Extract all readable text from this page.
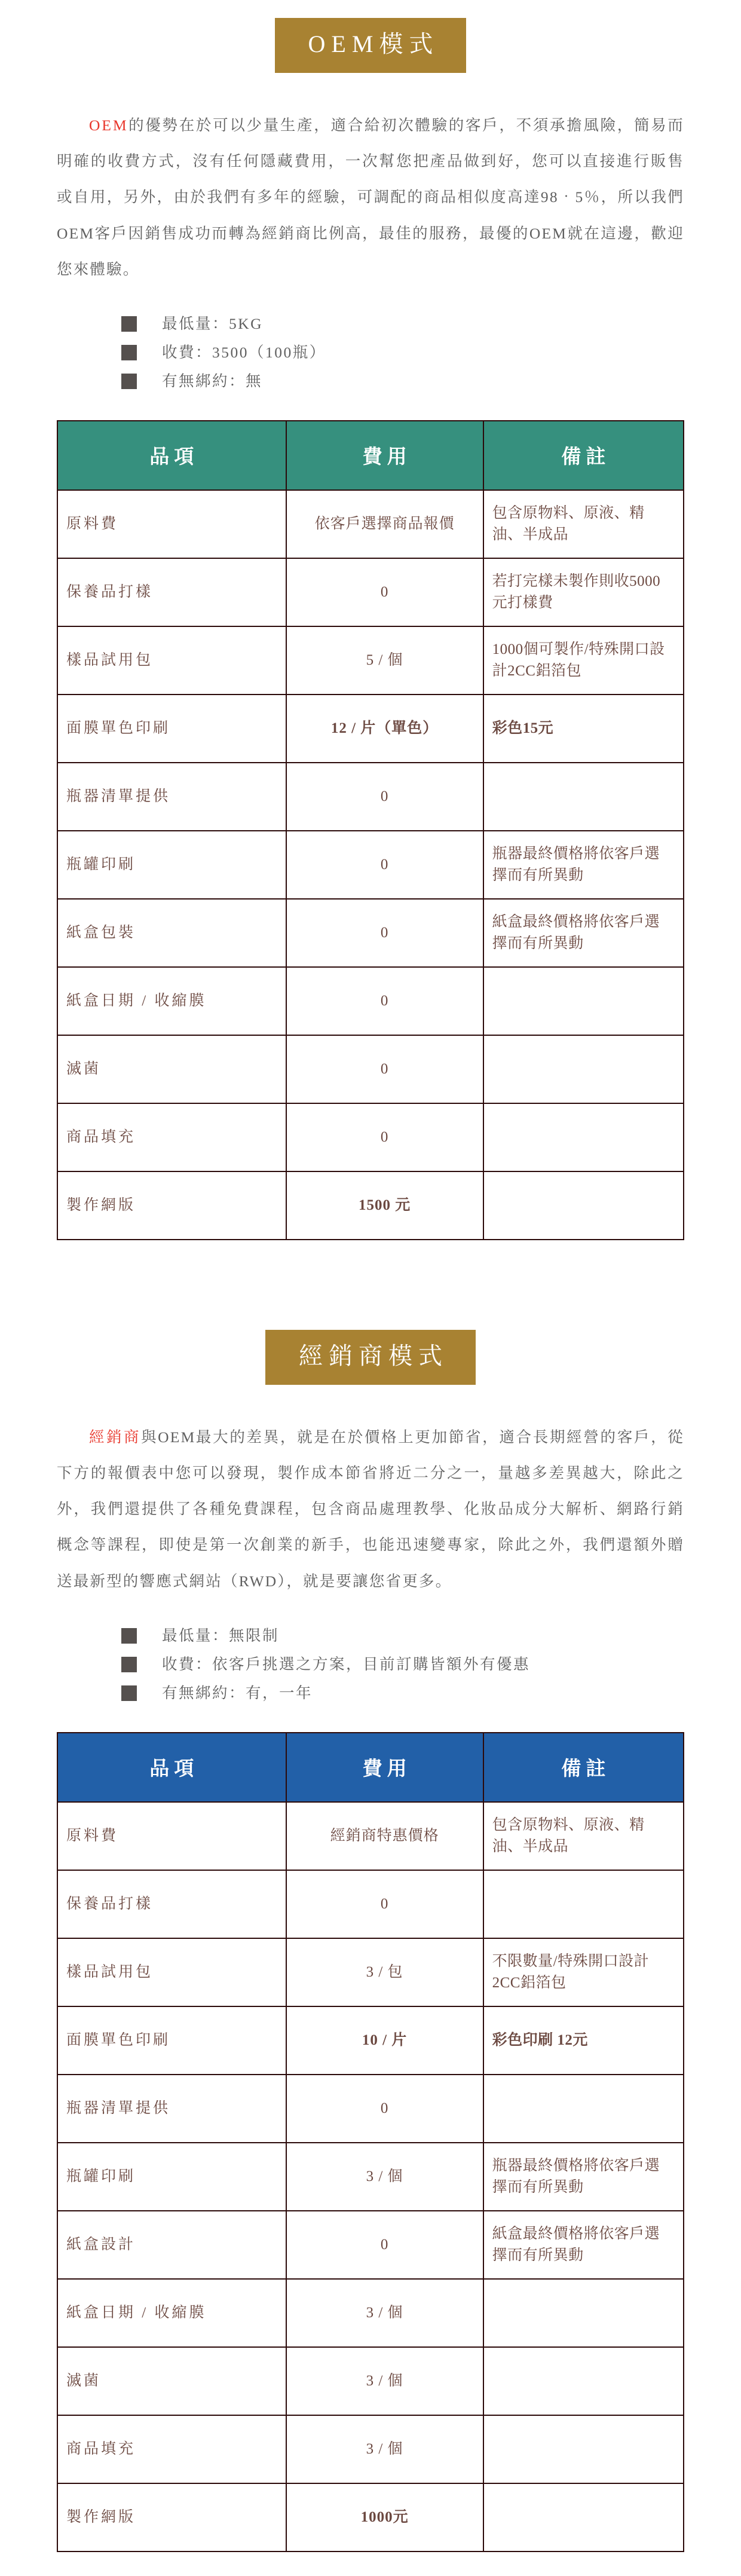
OEM模式

OEM的優勢在於可以少量生產，適合給初次體驗的客戶，不須承擔風險，簡易而明確的收費方式，沒有任何隱藏費用，一次幫您把產品做到好，您可以直接進行販售或自用，另外，由於我們有多年的經驗，可調配的商品相似度高達98‧5％，所以我們OEM客戶因銷售成功而轉為經銷商比例高，最佳的服務，最優的OEM就在這邊，歡迎您來體驗。

最低量：5KG
收費：3500（100瓶）
有無綁約：無
品項	費用	備註
原料費	依客戶選擇商品報價	包含原物料、原液、精油、半成品
保養品打樣	0	若打完樣未製作則收5000元打樣費
樣品試用包	5 / 個	1000個可製作/特殊開口設計2CC鋁箔包
面膜單色印刷	12 / 片（單色）	彩色15元
瓶器清單提供	0	
瓶罐印刷	0	瓶器最終價格將依客戶選擇而有所異動
紙盒包裝	0	紙盒最終價格將依客戶選擇而有所異動
紙盒日期 / 收縮膜	0	
滅菌	0	
商品填充	0	
製作網版	1500 元	
經銷商模式

經銷商與OEM最大的差異，就是在於價格上更加節省，適合長期經營的客戶，從下方的報價表中您可以發現，製作成本節省將近二分之一，量越多差異越大，除此之外，我們還提供了各種免費課程，包含商品處理教學、化妝品成分大解析、網路行銷概念等課程，即使是第一次創業的新手，也能迅速變專家，除此之外，我們還額外贈送最新型的響應式網站（RWD），就是要讓您省更多。

最低量：無限制
收費：依客戶挑選之方案，目前訂購皆額外有優惠
有無綁約：有，一年
品項	費用	備註
原料費	經銷商特惠價格	包含原物料、原液、精油、半成品
保養品打樣	0	
樣品試用包	3 / 包	不限數量/特殊開口設計2CC鋁箔包
面膜單色印刷	10 / 片	彩色印刷 12元
瓶器清單提供	0	
瓶罐印刷	3 / 個	瓶器最終價格將依客戶選擇而有所異動
紙盒設計	0	紙盒最終價格將依客戶選擇而有所異動
紙盒日期 / 收縮膜	3 / 個	
滅菌	3 / 個	
商品填充	3 / 個	
製作網版	1000元	
